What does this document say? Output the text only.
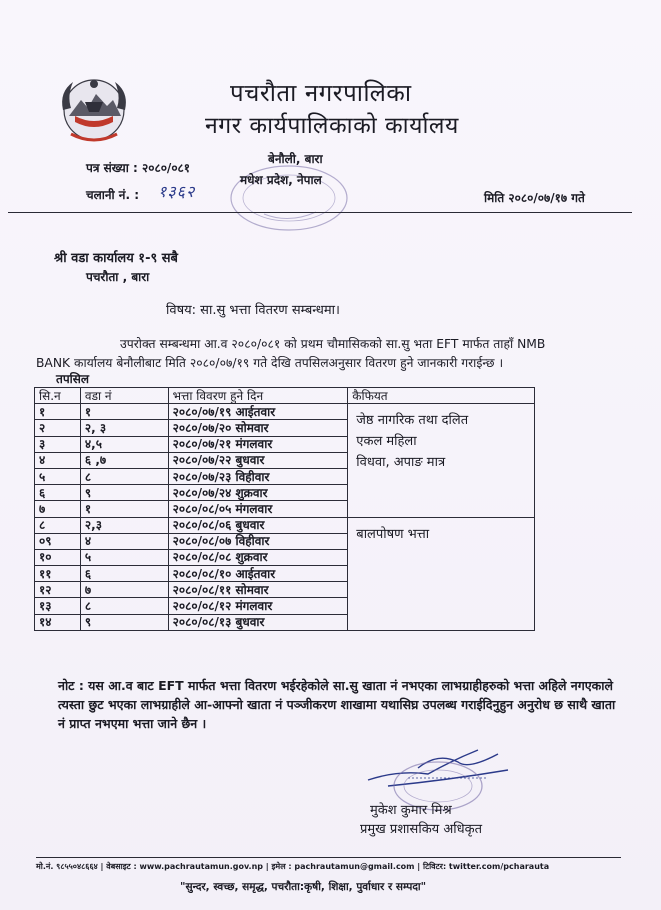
पचरौता नगरपालिका
नगर कार्यपालिकाको कार्यालय
पत्र संख्या : २०८०/०८१
चलानी नं. : १३६२
बेनौली, बारा
मधेश प्रदेश, नेपाल
मिति २०८०/०७/१७ गते
श्री वडा कार्यालय १-९ सबै
पचरौता , बारा
विषय: सा.सु भत्ता वितरण सम्बन्धमा।
उपरोक्त सम्बन्धमा आ.व २०८०/०८१ को प्रथम चौमासिकको सा.सु भता EFT मार्फत ताहाँ NMB
BANK कार्यालय बेनौलीबाट मिति २०८०/०७/१९ गते देखि तपसिलअनुसार वितरण हुने जानकारी गराईन्छ ।
तपसिल
सि.न	वडा नं	भत्ता विवरण हुने दिन	कैफियत
१	१	२०८०/०७/१९ आईतवार	जेष्ठ नागरिक तथा दलित
एकल महिला
विधवा, अपाङ मात्र

२	२, ३	२०८०/०७/२० सोमवार	
३	४,५	२०८०/०७/२१ मंगलवार	
४	६ ,७	२०८०/०७/२२ बुधवार	
५	८	२०८०/०७/२३ विहीवार	
६	९	२०८०/०७/२४ शुक्रवार	
७	१	२०८०/०८/०५ मंगलवार	
८	२,३	२०८०/०८/०६ बुधवार	बालपोषण भत्ता

०९	४	२०८०/०८/०७ विहीवार	
१०	५	२०८०/०८/०८ शुक्रवार	
११	६	२०८०/०८/१० आईतवार	
१२	७	२०८०/०८/११ सोमवार	
१३	८	२०८०/०८/१२ मंगलवार	
१४	९	२०८०/०८/१३ बुधवार	
नोट : यस आ.व बाट EFT मार्फत भत्ता वितरण भईरहेकोले सा.सु खाता नं नभएका लाभग्राहीहरुको भत्ता अहिले नगएकाले त्यस्ता छुट भएका लाभग्राहीले आ-आफ्नो खाता नं पञ्जीकरण शाखामा यथासिघ्र उपलब्ध गराईदिनुहुन अनुरोध छ साथै खाता नं प्राप्त नभएमा भत्ता जाने छैन ।
मुकेश कुमार मिश्र
प्रमुख प्रशासकिय अधिकृत
मो.नं. ९८५५०४८६६४ | वेबसाइट : www.pachrautamun.gov.np | इमेल : pachrautamun@gmail.com | टिविटर: twitter.com/pcharauta
"सुन्दर, स्वच्छ, समृद्ध, पचरौता:कृषी, शिक्षा, पुर्वाधार र सम्पदा"
